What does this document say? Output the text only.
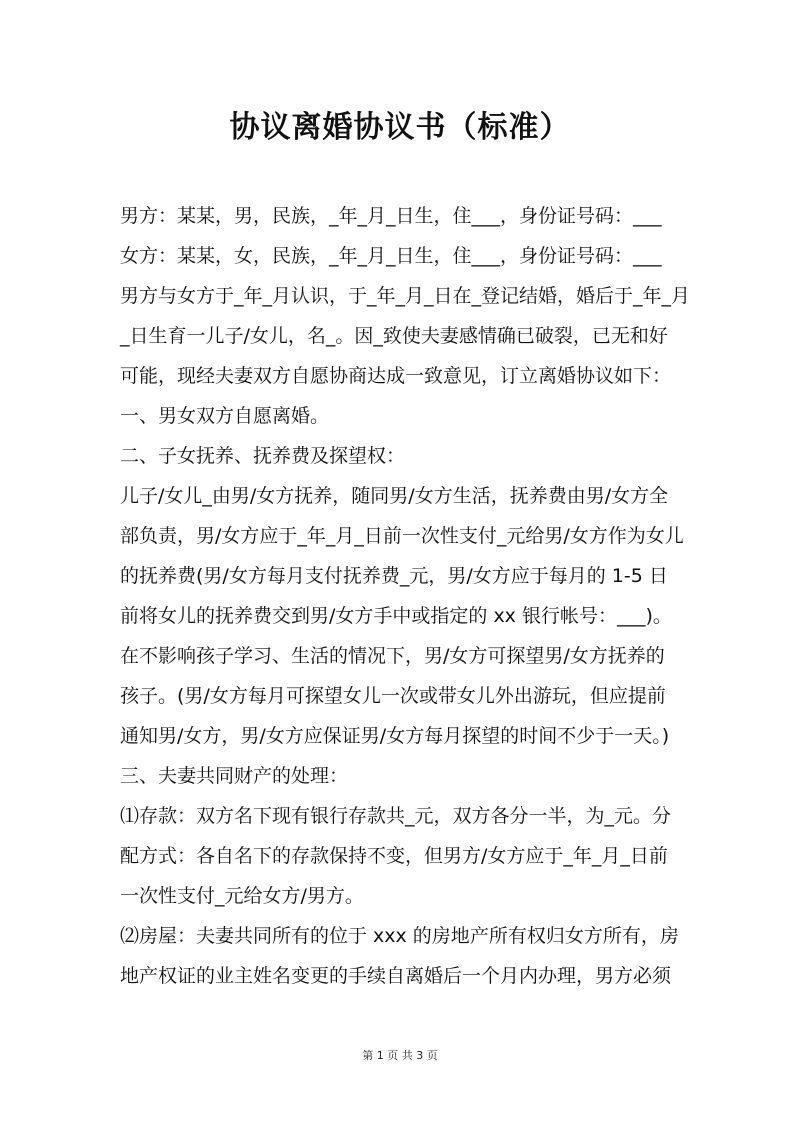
协议离婚协议书（标准）
男方：某某，男，民族，_年_月_日生，住___，身份证号码：___
女方：某某，女，民族，_年_月_日生，住___，身份证号码：___
男方与女方于_年_月认识，于_年_月_日在_登记结婚，婚后于_年_月
_日生育一儿子/女儿，名_。因_致使夫妻感情确已破裂，已无和好
可能，现经夫妻双方自愿协商达成一致意见，订立离婚协议如下：
一、男女双方自愿离婚。
二、子女抚养、抚养费及探望权：
儿子/女儿_由男/女方抚养，随同男/女方生活，抚养费由男/女方全
部负责，男/女方应于_年_月_日前一次性支付_元给男/女方作为女儿
的抚养费(男/女方每月支付抚养费_元，男/女方应于每月的 1-5 日
前将女儿的抚养费交到男/女方手中或指定的 xx 银行帐号：___)。
在不影响孩子学习、生活的情况下，男/女方可探望男/女方抚养的
孩子。(男/女方每月可探望女儿一次或带女儿外出游玩，但应提前
通知男/女方，男/女方应保证男/女方每月探望的时间不少于一天。)
三、夫妻共同财产的处理：
⑴存款：双方名下现有银行存款共_元，双方各分一半，为_元。分
配方式：各自名下的存款保持不变，但男方/女方应于_年_月_日前
一次性支付_元给女方/男方。
⑵房屋：夫妻共同所有的位于 xxx 的房地产所有权归女方所有，房
地产权证的业主姓名变更的手续自离婚后一个月内办理，男方必须
第 1 页 共 3 页
